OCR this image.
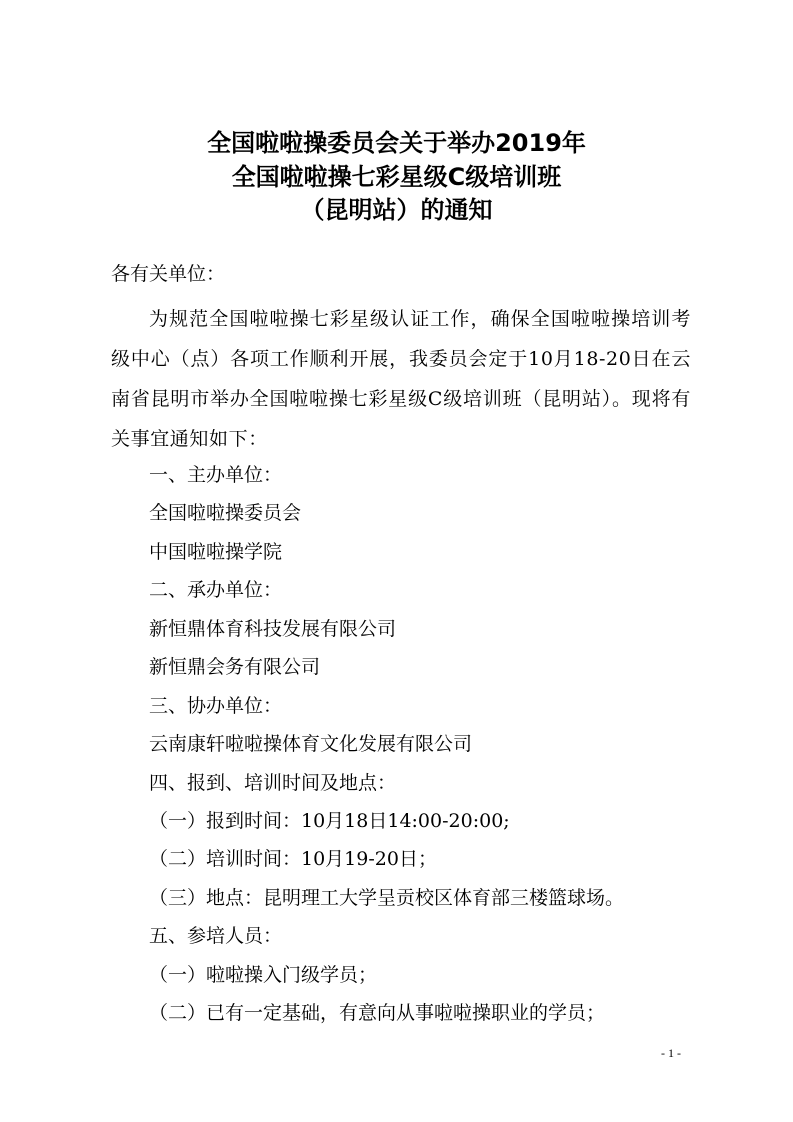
全国啦啦操委员会关于举办2019年
全国啦啦操七彩星级C级培训班
（昆明站）的通知
各有关单位：
为规范全国啦啦操七彩星级认证工作，确保全国啦啦操培训考级中心（点）各项工作顺利开展，我委员会定于10月18-20日在云南省昆明市举办全国啦啦操七彩星级C级培训班（昆明站）。现将有关事宜通知如下：
一、主办单位：
全国啦啦操委员会
中国啦啦操学院
二、承办单位：
新恒鼎体育科技发展有限公司
新恒鼎会务有限公司
三、协办单位：
云南康轩啦啦操体育文化发展有限公司
四、报到、培训时间及地点：
（一）报到时间：10月18日14:00-20:00;
（二）培训时间：10月19-20日；
（三）地点：昆明理工大学呈贡校区体育部三楼篮球场。
五、参培人员：
（一）啦啦操入门级学员；
（二）已有一定基础，有意向从事啦啦操职业的学员；
- 1 -
